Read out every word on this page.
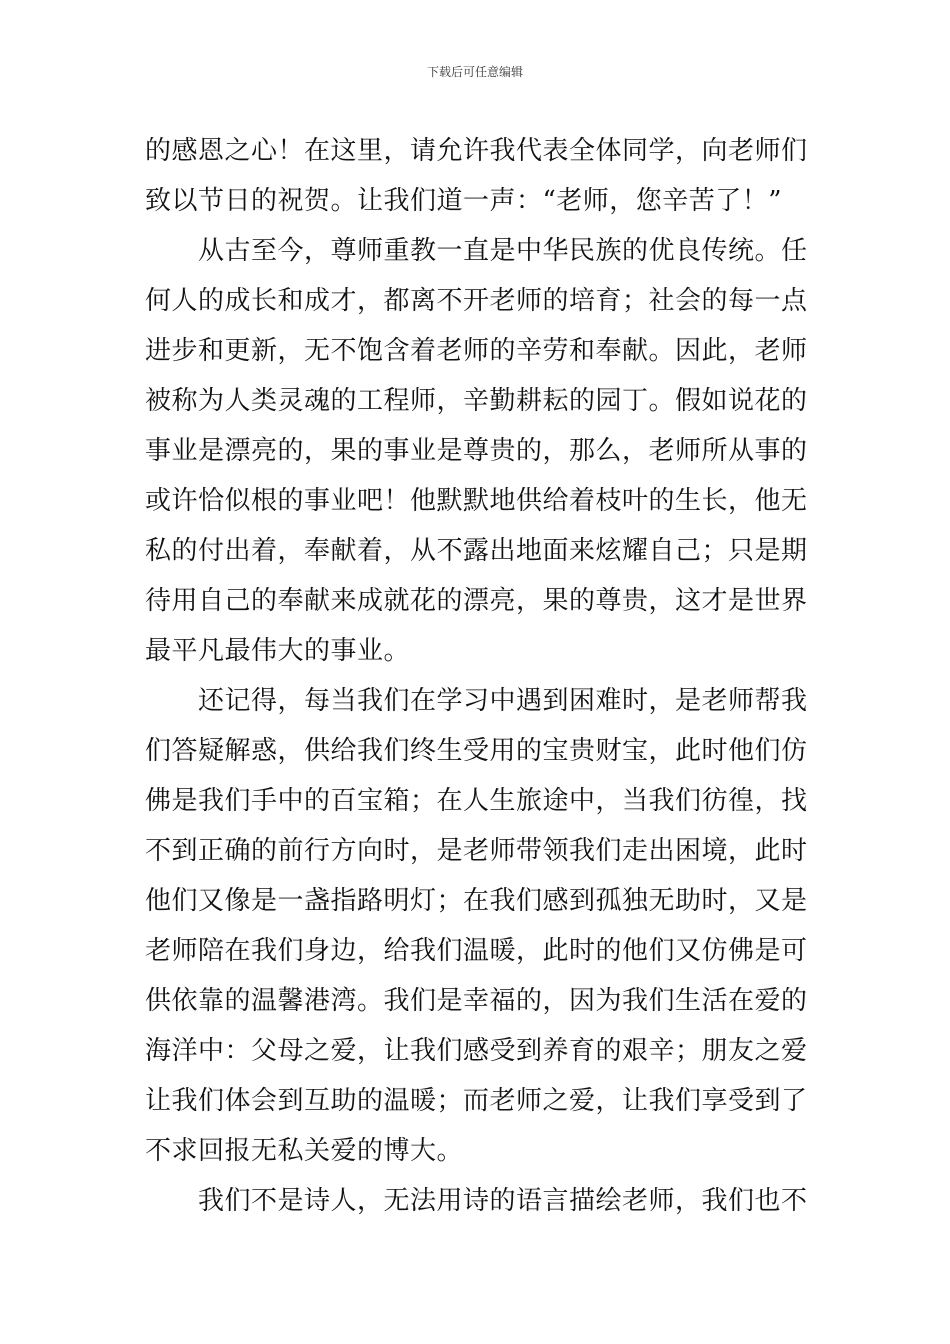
下载后可任意编辑
的感恩之心！在这里，请允许我代表全体同学，向老师们
致以节日的祝贺。让我们道一声：“老师，您辛苦了！”
从古至今，尊师重教一直是中华民族的优良传统。任
何人的成长和成才，都离不开老师的培育；社会的每一点
进步和更新，无不饱含着老师的辛劳和奉献。因此，老师
被称为人类灵魂的工程师，辛勤耕耘的园丁。假如说花的
事业是漂亮的，果的事业是尊贵的，那么，老师所从事的
或许恰似根的事业吧！他默默地供给着枝叶的生长，他无
私的付出着，奉献着，从不露出地面来炫耀自己；只是期
待用自己的奉献来成就花的漂亮，果的尊贵，这才是世界
最平凡最伟大的事业。
还记得，每当我们在学习中遇到困难时，是老师帮我
们答疑解惑，供给我们终生受用的宝贵财宝，此时他们仿
佛是我们手中的百宝箱；在人生旅途中，当我们彷徨，找
不到正确的前行方向时，是老师带领我们走出困境，此时
他们又像是一盏指路明灯；在我们感到孤独无助时，又是
老师陪在我们身边，给我们温暖，此时的他们又仿佛是可
供依靠的温馨港湾。我们是幸福的，因为我们生活在爱的
海洋中：父母之爱，让我们感受到养育的艰辛；朋友之爱
让我们体会到互助的温暖；而老师之爱，让我们享受到了
不求回报无私关爱的博大。
我们不是诗人，无法用诗的语言描绘老师，我们也不
